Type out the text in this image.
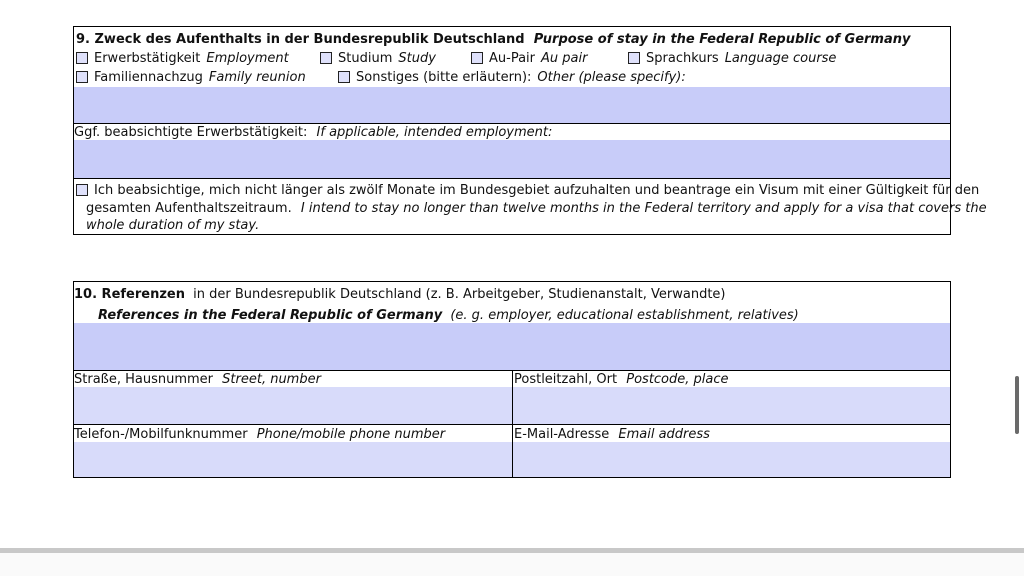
9. Zweck des Aufenthalts in der Bundesrepublik Deutschland Purpose of stay in the Federal Republic of Germany
Erwerbstätigkeit Employment	Studium Study	Au-Pair Au pair	Sprachkurs Language course
Familiennachzug Family reunion	Sonstiges (bitte erläutern): Other (please specify):
Ggf. beabsichtigte Erwerbstätigkeit: If applicable, intended employment:
Ich beabsichtige, mich nicht länger als zwölf Monate im Bundesgebiet aufzuhalten und beantrage ein Visum mit einer Gültigkeit für den
gesamten Aufenthaltszeitraum. I intend to stay no longer than twelve months in the Federal territory and apply for a visa that covers the
whole duration of my stay.
10. Referenzen in der Bundesrepublik Deutschland (z. B. Arbeitgeber, Studienanstalt, Verwandte)
References in the Federal Republic of Germany (e. g. employer, educational establishment, relatives)
Straße, Hausnummer Street, number	Postleitzahl, Ort Postcode, place
Telefon-/Mobilfunknummer Phone/mobile phone number	E-Mail-Adresse Email address
